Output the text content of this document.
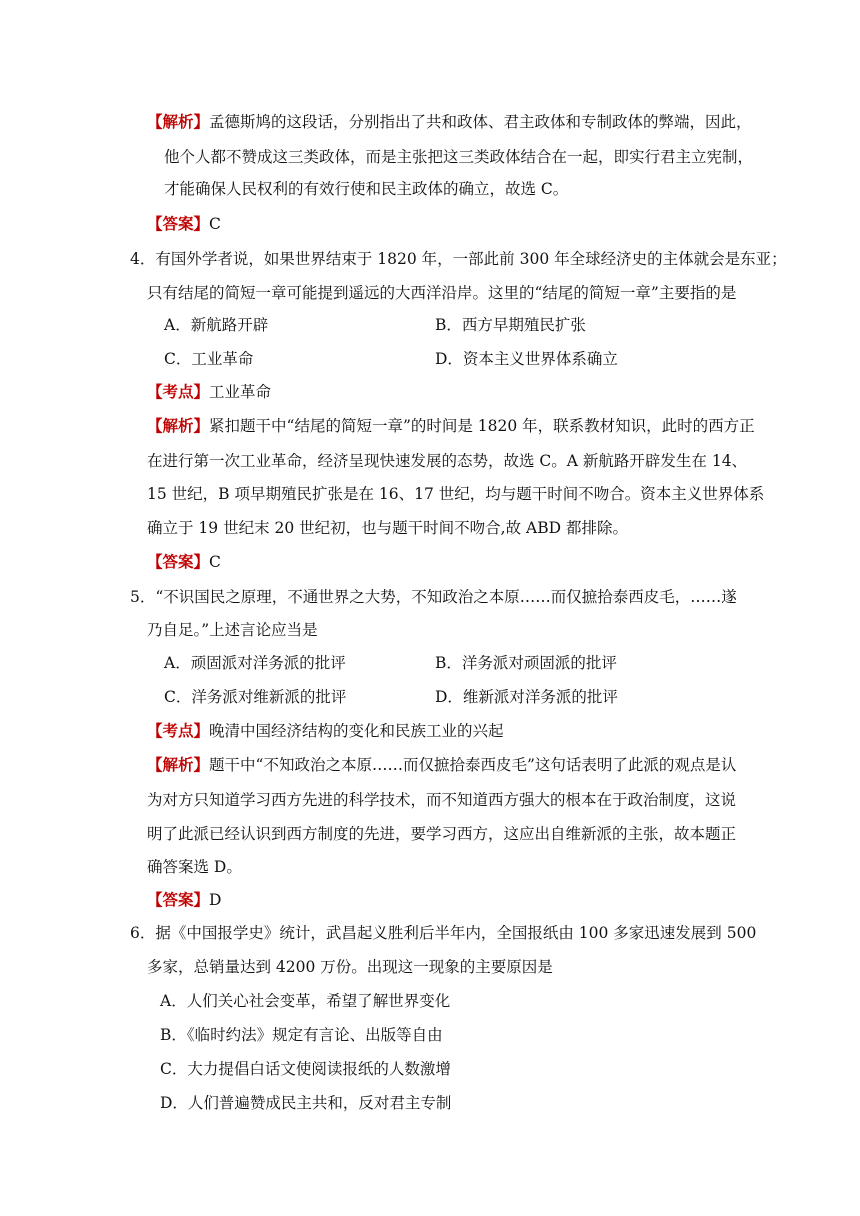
【解析】孟德斯鸠的这段话，分别指出了共和政体、君主政体和专制政体的弊端，因此，
他个人都不赞成这三类政体，而是主张把这三类政体结合在一起，即实行君主立宪制，
才能确保人民权利的有效行使和民主政体的确立，故选 C。
【答案】C
4．有国外学者说，如果世界结束于 1820 年，一部此前 300 年全球经济史的主体就会是东亚；
只有结尾的简短一章可能提到遥远的大西洋沿岸。这里的“结尾的简短一章”主要指的是
A．新航路开辟	B．西方早期殖民扩张
C．工业革命	D．资本主义世界体系确立
【考点】工业革命
【解析】紧扣题干中“结尾的简短一章”的时间是 1820 年，联系教材知识，此时的西方正
在进行第一次工业革命，经济呈现快速发展的态势，故选 C。A 新航路开辟发生在 14、
15 世纪，B 项早期殖民扩张是在 16、17 世纪，均与题干时间不吻合。资本主义世界体系
确立于 19 世纪末 20 世纪初，也与题干时间不吻合,故 ABD 都排除。
【答案】C
5．“不识国民之原理，不通世界之大势，不知政治之本原……而仅摭拾泰西皮毛，……遂
乃自足。”上述言论应当是
A．顽固派对洋务派的批评	B．洋务派对顽固派的批评
C．洋务派对维新派的批评	D．维新派对洋务派的批评
【考点】晚清中国经济结构的变化和民族工业的兴起
【解析】题干中“不知政治之本原……而仅摭拾泰西皮毛”这句话表明了此派的观点是认
为对方只知道学习西方先进的科学技术，而不知道西方强大的根本在于政治制度，这说
明了此派已经认识到西方制度的先进，要学习西方，这应出自维新派的主张，故本题正
确答案选 D。
【答案】D
6．据《中国报学史》统计，武昌起义胜利后半年内，全国报纸由 100 多家迅速发展到 500
多家，总销量达到 4200 万份。出现这一现象的主要原因是
A．人们关心社会变革，希望了解世界变化
B．《临时约法》规定有言论、出版等自由
C．大力提倡白话文使阅读报纸的人数激增
D．人们普遍赞成民主共和，反对君主专制
